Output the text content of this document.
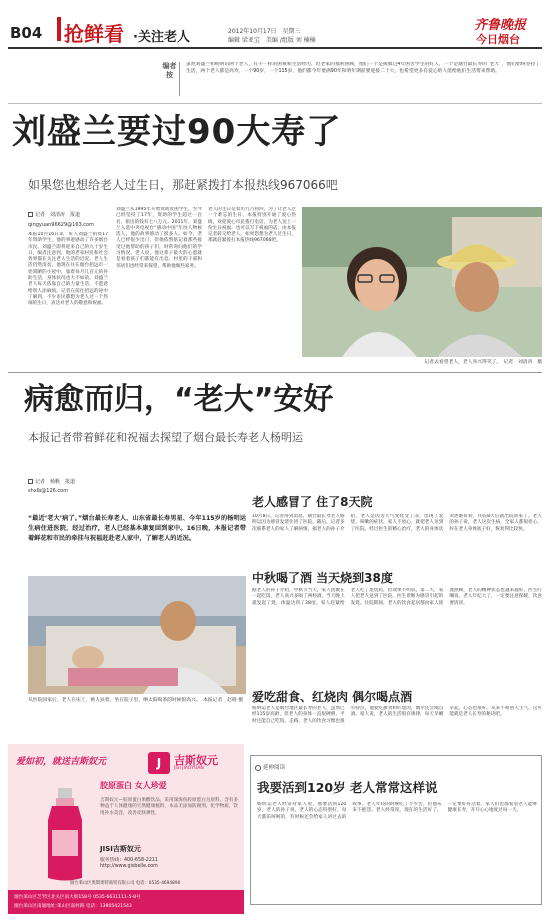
B04 抢鲜看 ·关注老人	2012年10月17日　星期三
编辑 梁亚宝　美编 /组版 刘 楠楠
齐鲁晚报
今日烟台
编者按
虽然刘盛兰和杨明讯两个老人，有不一样的困难和生活经历，但老家的福利照顾，他们一个是援救过4年困苦学生的好人，一个是烟台最长寿的“老大”，他们始终坚持了生活，两个老人都是高寿，一个90岁，一个115岁，他们都今年要满90年和明年期前要迎接二十大，也希望更多有爱心的人能给他们生活带来帮助。
刘盛兰要过90大寿了
如果您也想给老人过生日，那赶紧拨打本报热线967066吧
记者　刘清涛　报道
qingyuan96629@163.com
本报10月16日讯　好人刘盛兰捐资17年资助学生，他的事迹感动了许多烟台市民。刘盛兰即将迎来自己的九十岁生日，编者注意到，他的老家村民和社会各界都在关注老人生活的近况。老人生活仍然清贫，他现在住在烟台招远市一处简陋的小屋中，靠着每月几百元的补助生活，身体状况也大不如前。刘盛兰老人每天依靠自己的力量生活，不愿意给别人添麻烦。记者在前往招远的途中了解到，不少市民都想为老人过一个热闹的生日，表达对老人的敬意和祝福。
刘盛兰从1995年开始资助贫困学生，至今已经坚持了17年，资助的学生超过一百名，捐出的钱有七八万元。2011年，刘盛兰入选中央电视台“感动中国”年度人物候选人，他的故事感动了很多人。如今，老人已经很少出门，但他依然惦记着那些接受过他帮助的孩子们，时常询问他们的学习情况。老人说，他这辈子最大的心愿就是看着孩子们都能有出息。村里的干部和邻居们也经常来探望，帮助他做些家务。
老人的生日是农历九月初四，为了让老人过一个难忘的生日，本报特别开通了爱心热线，欢迎爱心市民拨打电话，为老人送上一份生日祝福。也可以写下祝福的话，由本报记者转交给老人。如果您想为老人过生日，那就赶紧拨打本报热线967066吧。
记者去看望老人，老人喜兴得笑了。　记者　刘清涛　摄
病愈而归，“老大”安好
本报记者带着鲜花和祝福去探望了烟台最长寿老人杨明运
记者　杨帆　报道
shxlb@126.com
“最近‘老大’病了。”烟台最长寿老人、山东省最长寿男星、今年115岁的杨明运生病住进医院，经过治疗，老人已经基本康复回到家中。16日晚，本报记者带着鲜花和市民的牵挂与祝福赶赴老人家中，了解老人的近况。
从医院回家后，老人在床上，被人扶着，坐在院子里，晒太阳喝茶的时候很高兴。　本报记者　赵晓 摄
老人感冒了 住了8天院
10月8日，记者得到消息，烟台最长寿老人杨明运因为感冒发烧住进了医院。随后，记者多次联系老人的家人了解病情。据老人的孙子介绍，老人是因为天气变化受了凉，出现了发烧、咳嗽的症状，家人不放心，就把老人送到了医院。经过医生的精心治疗，老人的身体状况逐渐好转，住院8天后就出院回家了。老人的孙子说，老人这次生病，全家人都很担心，好在老人身体底子好，恢复得比较快。
中秋喝了酒 当天烧到38度
据老人的孙子介绍，中秋节当天，家人团聚在一起吃饭，老人高兴多喝了两杯酒，当天晚上就发起了烧，体温达到了38度。家人赶紧给老人吃了退烧药，但效果不明显。第二天，家人把老人送到了医院，医生诊断为感冒引起的发烧。住院期间，老人的饮食起居都由家人轮流照顾，老人的精神状态也越来越好。医生叮嘱说，老人年纪大了，一定要注意保暖，饮食要清淡。
爱吃甜食、红烧肉 偶尔喝点酒
杨明运老人是烟台地区最长寿的老人，虽然已经115岁高龄，但老人的身体一直很硬朗，平时还能自己吃饭、走路。老人的饮食习惯也很有特点，他爱吃甜食和红烧肉，偶尔还会喝点酒。家人说，老人的生活很有规律，每天早睡早起，心态也很好，从来不和别人生气。这可能就是老人长寿的秘诀吧。
延伸阅读
我要活到120岁 老人常常这样说
杨明运老人经常对家人说，他要活到120岁。老人的孙子说，老人的心态特别好，每天都乐呵呵的，有时候还会给家人讲过去的故事。老人年轻的时候吃了不少苦，但他从来不抱怨。老人经常说，现在的生活好了，一定要好好活着。家人们也都希望老人能够健康长寿，开开心心地度过每一天。
爱如初，就送吉斯奴元	J	吉斯奴元
JISI JIAOYUAN
胶原蛋白 女人珍爱
吉斯奴元—胶原蛋白果酸饮品，采用深海鱼胶原蛋白为原料，含有多种益于人体健康的天然健康植料，本品无添加防腐剂、化学物质，饮用补水美容，改善皮肤弹性。
JISI吉斯奴元
服务热线：400-658-2211
http://www.gisbelle.com
烟台莱山区奥斯奥特商贸有限公司 电话：0535-4694890
烟台莱山区芝罘区北关区南大街158号 0535-6631111-5-8号
烟台莱山区南通地址:莱山区南村路 电话：13905421543
